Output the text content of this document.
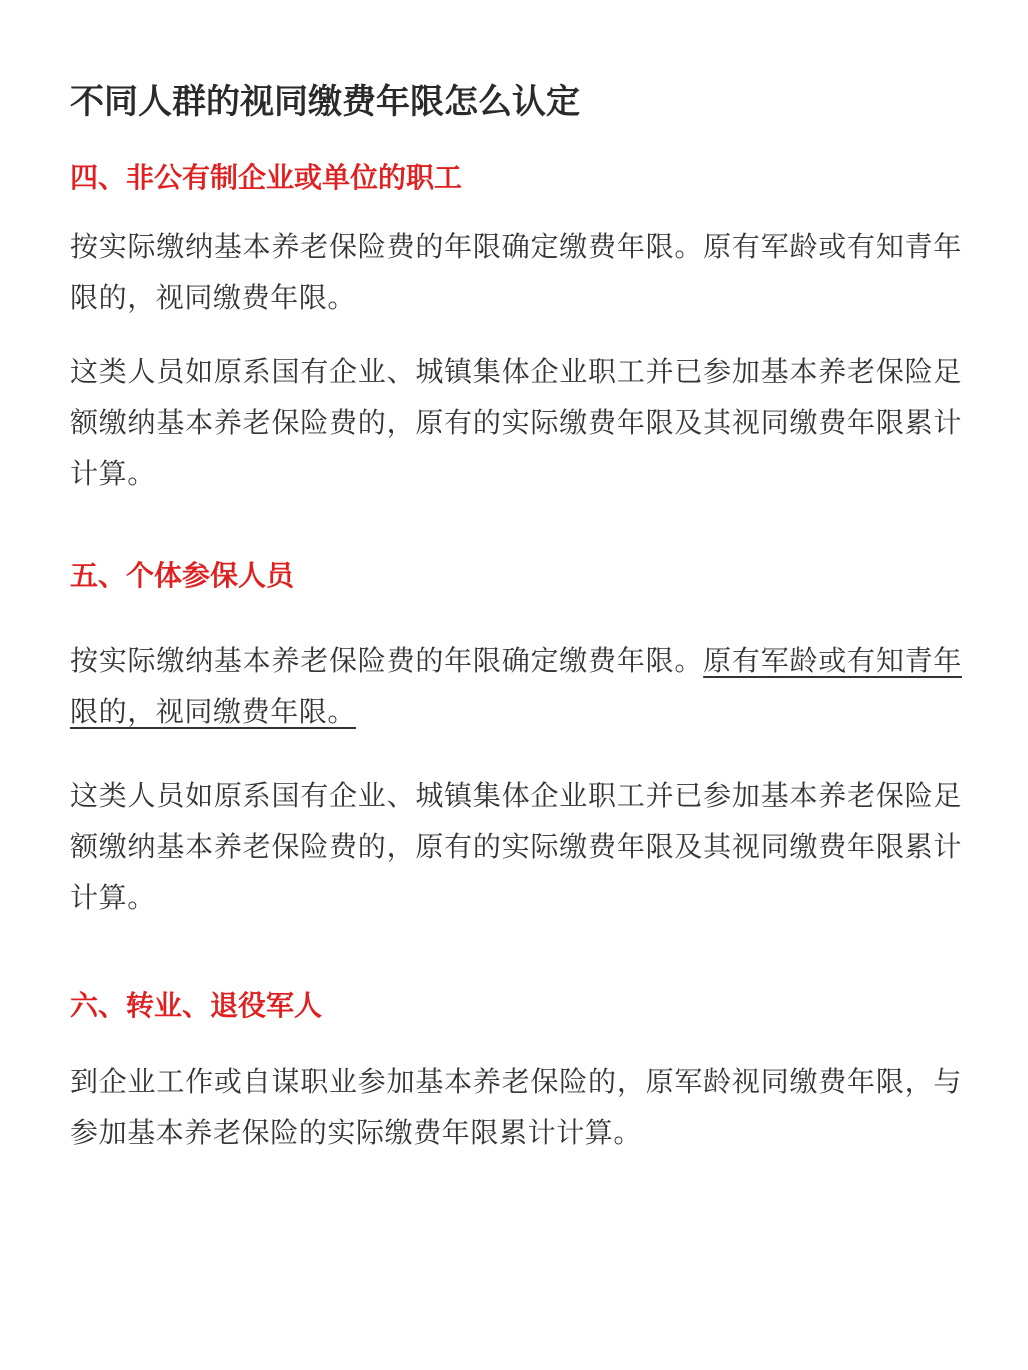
不同人群的视同缴费年限怎么认定
四、非公有制企业或单位的职工
按实际缴纳基本养老保险费的年限确定缴费年限。原有军龄或有知青年限的，视同缴费年限。
这类人员如原系国有企业、城镇集体企业职工并已参加基本养老保险足额缴纳基本养老保险费的，原有的实际缴费年限及其视同缴费年限累计计算。
五、个体参保人员
按实际缴纳基本养老保险费的年限确定缴费年限。原有军龄或有知青年限的，视同缴费年限。
这类人员如原系国有企业、城镇集体企业职工并已参加基本养老保险足额缴纳基本养老保险费的，原有的实际缴费年限及其视同缴费年限累计计算。
六、转业、退役军人
到企业工作或自谋职业参加基本养老保险的，原军龄视同缴费年限，与参加基本养老保险的实际缴费年限累计计算。
